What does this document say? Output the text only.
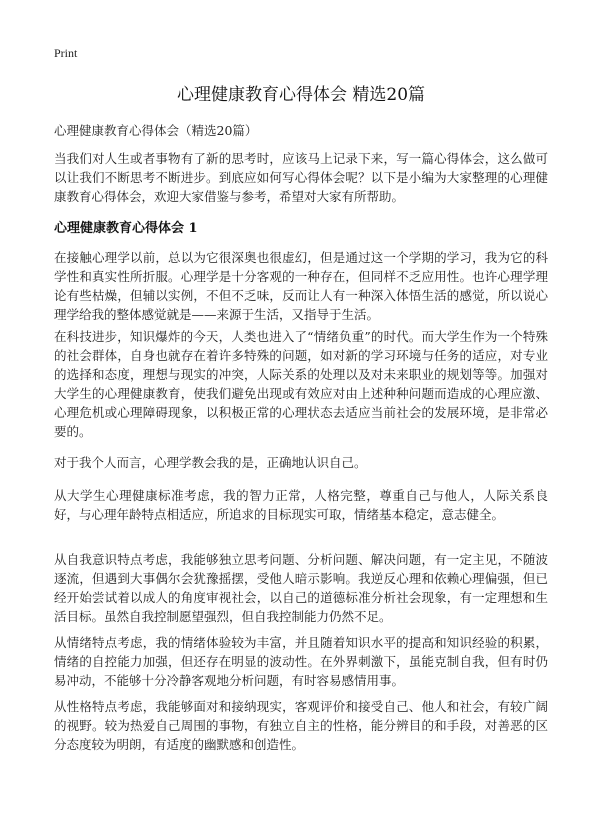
Print
心理健康教育心得体会 精选20篇

心理健康教育心得体会（精选20篇）

当我们对人生或者事物有了新的思考时，应该马上记录下来，写一篇心得体会，这么做可以让我们不断思考不断进步。到底应如何写心得体会呢？以下是小编为大家整理的心理健康教育心得体会，欢迎大家借鉴与参考，希望对大家有所帮助。

心理健康教育心得体会 1

在接触心理学以前，总以为它很深奥也很虚幻，但是通过这一个学期的学习，我为它的科学性和真实性所折服。心理学是十分客观的一种存在，但同样不乏应用性。也许心理学理论有些枯燥，但辅以实例，不但不乏味，反而让人有一种深入体悟生活的感觉，所以说心理学给我的整体感觉就是——来源于生活，又指导于生活。

在科技进步，知识爆炸的今天，人类也进入了“情绪负重”的时代。而大学生作为一个特殊的社会群体，自身也就存在着许多特殊的问题，如对新的学习环境与任务的适应，对专业的选择和态度，理想与现实的冲突，人际关系的处理以及对未来职业的规划等等。加强对大学生的心理健康教育，使我们避免出现或有效应对由上述种种问题而造成的心理应激、心理危机或心理障碍现象，以积极正常的心理状态去适应当前社会的发展环境，是非常必要的。

对于我个人而言，心理学教会我的是，正确地认识自己。

从大学生心理健康标准考虑，我的智力正常，人格完整，尊重自己与他人，人际关系良好，与心理年龄特点相适应，所追求的目标现实可取，情绪基本稳定，意志健全。

从自我意识特点考虑，我能够独立思考问题、分析问题、解决问题，有一定主见，不随波逐流，但遇到大事偶尔会犹豫摇摆，受他人暗示影响。我逆反心理和依赖心理偏强，但已经开始尝试着以成人的角度审视社会，以自己的道德标准分析社会现象，有一定理想和生活目标。虽然自我控制愿望强烈，但自我控制能力仍然不足。

从情绪特点考虑，我的情绪体验较为丰富，并且随着知识水平的提高和知识经验的积累，情绪的自控能力加强，但还存在明显的波动性。在外界刺激下，虽能克制自我，但有时仍易冲动，不能够十分冷静客观地分析问题，有时容易感情用事。

从性格特点考虑，我能够面对和接纳现实，客观评价和接受自己、他人和社会，有较广阔的视野。较为热爱自己周围的事物，有独立自主的性格，能分辨目的和手段，对善恶的区分态度较为明朗，有适度的幽默感和创造性。
